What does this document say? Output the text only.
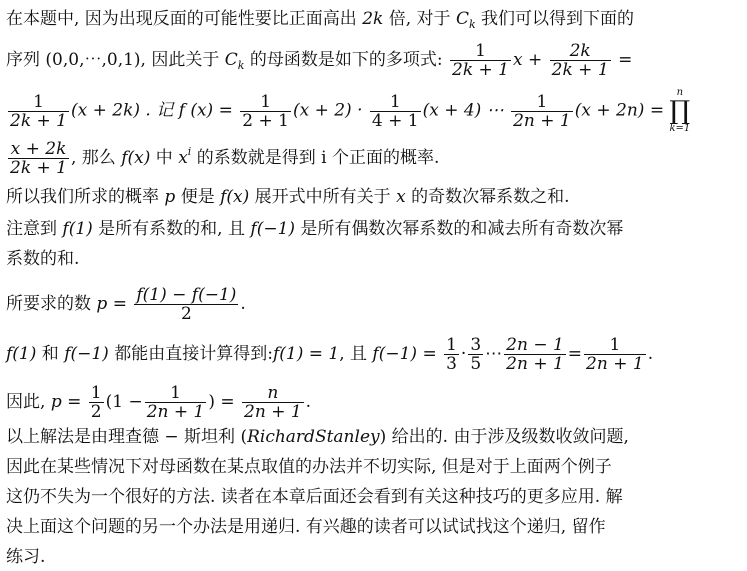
在本题中, 因为出现反面的可能性要比正面高出 2k 倍, 对于 $C_k$ 我们可以得到下面的
序列 (0,0,⋯,0,1), 因此关于 $C_k$ 的母函数是如下的多项式: $\frac{1}{2k + 1}$ $x + \frac{2k}{2k + 1}$ =
$\frac{1}{2k + 1} (x + 2k)$ . 记 f $(x) = \frac{1}{2 + 1} (x + 2) \cdot \frac{1}{4 + 1} (x + 4)$ ⋯ $\frac{1}{2n + 1} (x + 2n)$ =
n
∏
k=1
$\frac{x + 2k}{2k + 1}$ , 那么 f(x) 中 $x^i$ 的系数就是得到 i 个正面的概率.
所以我们所求的概率 p 便是 f(x) 展开式中所有关于 x 的奇数次幂系数之和.
注意到 f(1) 是所有系数的和, 且 f(−1) 是所有偶数次幂系数的和减去所有奇数次幂
系数的和.
所要求的数 $p = \frac{f(1) - f(-1)}{2}$ .
f(1) 和 f(−1) 都能由直接计算得到:f(1) = 1, 且 $f(-1) = \frac{1}{3} \cdot \frac{3}{5}$ ⋯ $\frac{2n - 1}{2n + 1} = \frac{1}{2n + 1}$ .
因此, $p = \frac{1}{2} (1 - \frac{1}{2n + 1}$ ) = $\frac{n}{2n + 1}$ .
以上解法是由理查德 − 斯坦利 (RichardStanley) 给出的. 由于涉及级数收敛问题,
因此在某些情况下对母函数在某点取值的办法并不切实际, 但是对于上面两个例子
这仍不失为一个很好的方法. 读者在本章后面还会看到有关这种技巧的更多应用. 解
决上面这个问题的另一个办法是用递归. 有兴趣的读者可以试试找这个递归, 留作
练习.
